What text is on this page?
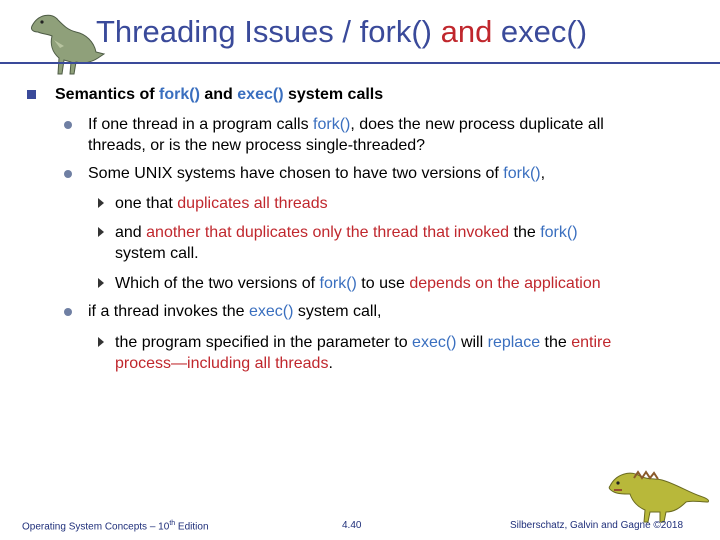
Threading Issues / fork() and exec()
Semantics of fork() and exec() system calls
If one thread in a program calls fork(), does the new process duplicate all
threads, or is the new process single-threaded?
Some UNIX systems have chosen to have two versions of fork(),
one that duplicates all threads
and another that duplicates only the thread that invoked the fork()
system call.
Which of the two versions of fork() to use depends on the application
if a thread invokes the exec() system call,
the program specified in the parameter to exec() will replace the entire
process—including all threads.
Operating System Concepts – 10th Edition	4.40	Silberschatz, Galvin and Gagne ©2018
